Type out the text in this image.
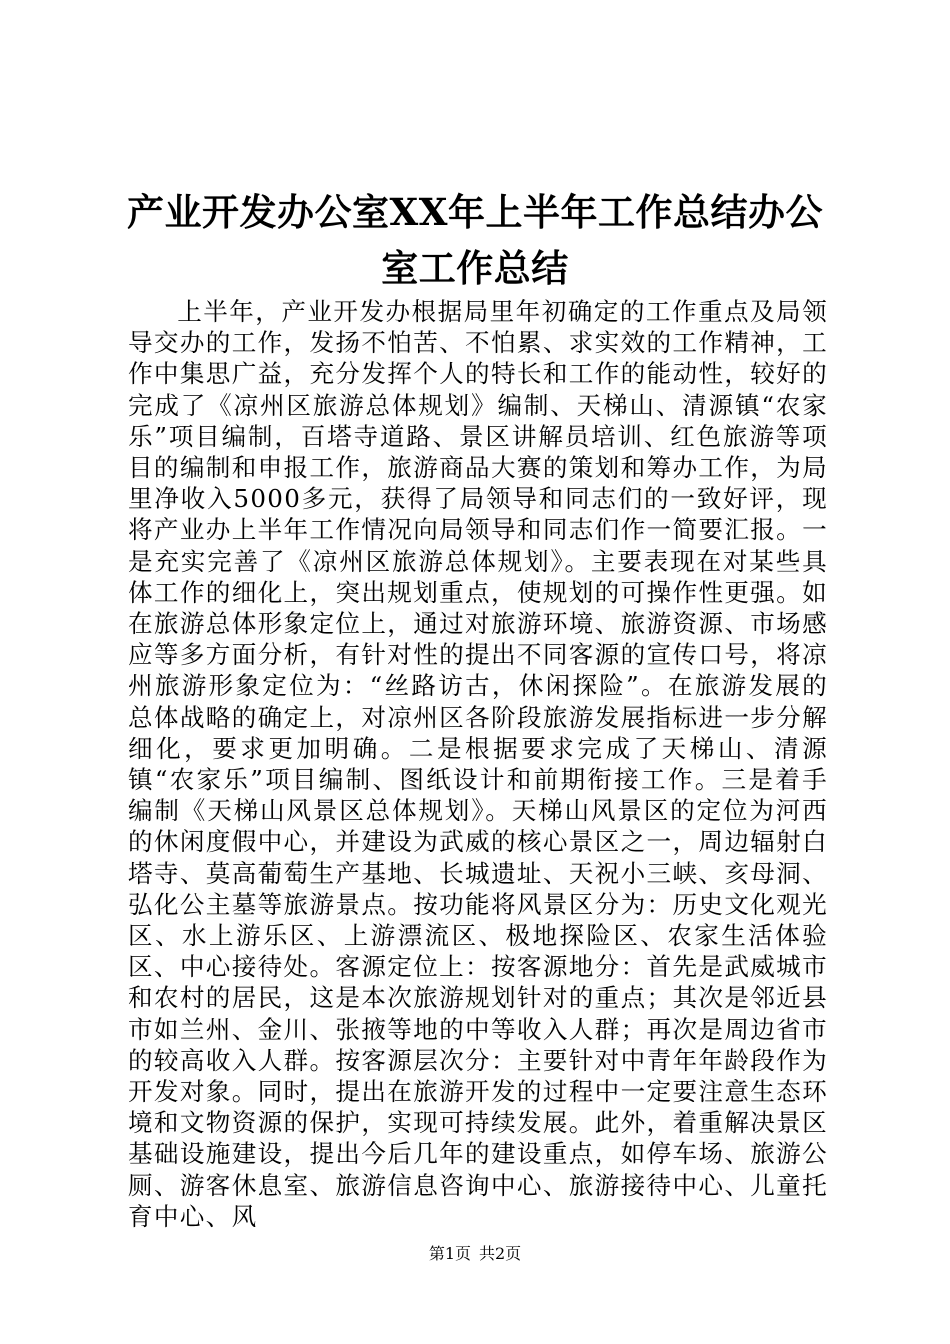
产业开发办公室XX年上半年工作总结办公室工作总结

上半年，产业开发办根据局里年初确定的工作重点及局领导交办的工作，发扬不怕苦、不怕累、求实效的工作精神，工作中集思广益，充分发挥个人的特长和工作的能动性，较好的完成了《凉州区旅游总体规划》编制、天梯山、清源镇“农家乐”项目编制，百塔寺道路、景区讲解员培训、红色旅游等项目的编制和申报工作，旅游商品大赛的策划和筹办工作，为局里净收入5000多元，获得了局领导和同志们的一致好评，现将产业办上半年工作情况向局领导和同志们作一简要汇报。一是充实完善了《凉州区旅游总体规划》。主要表现在对某些具体工作的细化上，突出规划重点，使规划的可操作性更强。如在旅游总体形象定位上，通过对旅游环境、旅游资源、市场感应等多方面分析，有针对性的提出不同客源的宣传口号，将凉州旅游形象定位为：“丝路访古，休闲探险”。在旅游发展的总体战略的确定上，对凉州区各阶段旅游发展指标进一步分解细化，要求更加明确。二是根据要求完成了天梯山、清源镇“农家乐”项目编制、图纸设计和前期衔接工作。三是着手编制《天梯山风景区总体规划》。天梯山风景区的定位为河西的休闲度假中心，并建设为武威的核心景区之一，周边辐射白塔寺、莫高葡萄生产基地、长城遗址、天祝小三峡、亥母洞、弘化公主墓等旅游景点。按功能将风景区分为：历史文化观光区、水上游乐区、上游漂流区、极地探险区、农家生活体验区、中心接待处。客源定位上：按客源地分：首先是武威城市和农村的居民，这是本次旅游规划针对的重点；其次是邻近县市如兰州、金川、张掖等地的中等收入人群；再次是周边省市的较高收入人群。按客源层次分：主要针对中青年年龄段作为开发对象。同时，提出在旅游开发的过程中一定要注意生态环境和文物资源的保护，实现可持续发展。此外，着重解决景区基础设施建设，提出今后几年的建设重点，如停车场、旅游公厕、游客休息室、旅游信息咨询中心、旅游接待中心、儿童托育中心、风

第1页 共2页
